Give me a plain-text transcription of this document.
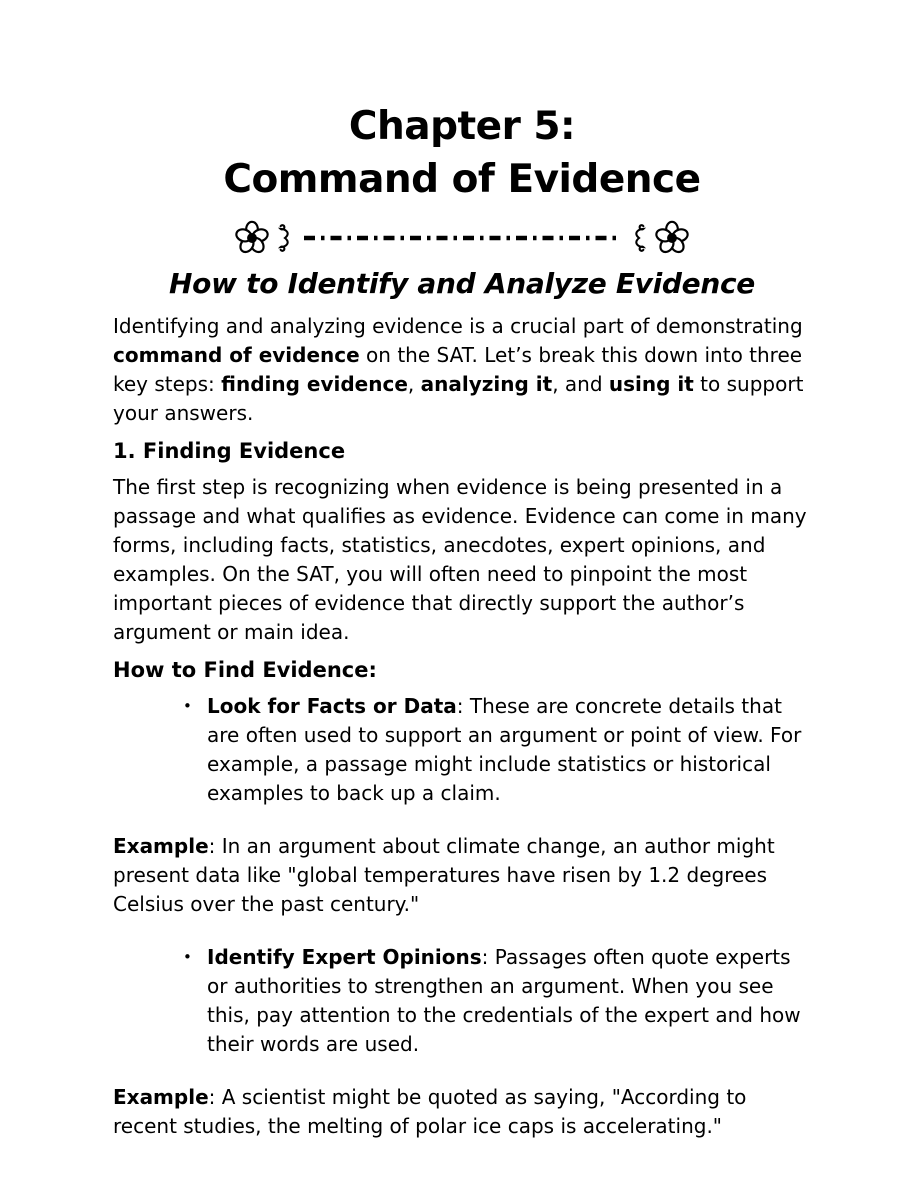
Chapter 5:
Command of Evidence
How to Identify and Analyze Evidence

Identifying and analyzing evidence is a crucial part of demonstrating command of evidence on the SAT. Let’s break this down into three key steps: finding evidence, analyzing it, and using it to support your answers.

1. Finding Evidence

The first step is recognizing when evidence is being presented in a passage and what qualifies as evidence. Evidence can come in many forms, including facts, statistics, anecdotes, expert opinions, and examples. On the SAT, you will often need to pinpoint the most important pieces of evidence that directly support the author’s argument or main idea.

How to Find Evidence:
• Look for Facts or Data: These are concrete details that are often used to support an argument or point of view. For example, a passage might include statistics or historical examples to back up a claim.

Example: In an argument about climate change, an author might present data like "global temperatures have risen by 1.2 degrees Celsius over the past century."

• Identify Expert Opinions: Passages often quote experts or authorities to strengthen an argument. When you see this, pay attention to the credentials of the expert and how their words are used.

Example: A scientist might be quoted as saying, "According to recent studies, the melting of polar ice caps is accelerating."
